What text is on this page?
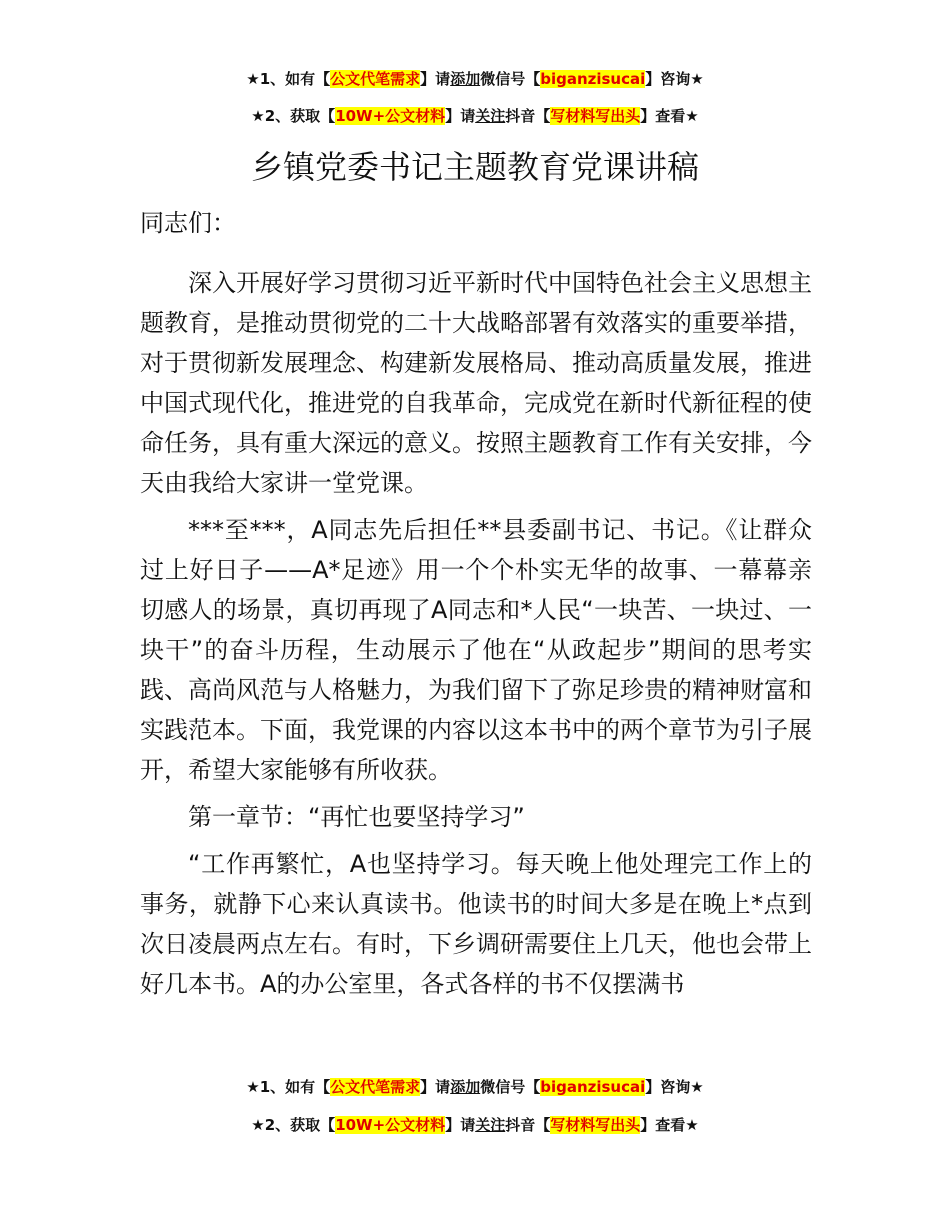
★1、如有【公文代笔需求】请添加微信号【biganzisucai】咨询★
★2、获取【10W+公文材料】请关注抖音【写材料写出头】查看★
乡镇党委书记主题教育党课讲稿

同志们：

深入开展好学习贯彻习近平新时代中国特色社会主义思想主题教育，是推动贯彻党的二十大战略部署有效落实的重要举措，对于贯彻新发展理念、构建新发展格局、推动高质量发展，推进中国式现代化，推进党的自我革命，完成党在新时代新征程的使命任务，具有重大深远的意义。按照主题教育工作有关安排，今天由我给大家讲一堂党课。

***至***，A同志先后担任**县委副书记、书记。《让群众过上好日子——A*足迹》用一个个朴实无华的故事、一幕幕亲切感人的场景，真切再现了A同志和*人民“一块苦、一块过、一块干”的奋斗历程，生动展示了他在“从政起步”期间的思考实践、高尚风范与人格魅力，为我们留下了弥足珍贵的精神财富和实践范本。下面，我党课的内容以这本书中的两个章节为引子展开，希望大家能够有所收获。

第一章节：“再忙也要坚持学习”

“工作再繁忙，A也坚持学习。每天晚上他处理完工作上的事务，就静下心来认真读书。他读书的时间大多是在晚上*点到次日凌晨两点左右。有时，下乡调研需要住上几天，他也会带上好几本书。A的办公室里，各式各样的书不仅摆满书

★1、如有【公文代笔需求】请添加微信号【biganzisucai】咨询★
★2、获取【10W+公文材料】请关注抖音【写材料写出头】查看★
